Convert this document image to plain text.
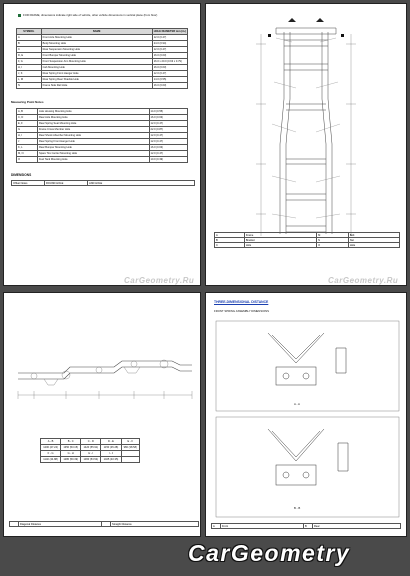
FOR FRAME, dimensions indicate right side of vehicle, other vehicle dimensions in vertical plane (from floor)
SYMBOL	NAME	HOLE DIAMETER mm (in.)
A	Front Axle Mounting Hole	12.0 (0.47)
B	Body Mounting Hole	24.0 (0.94)
C	Rear Suspension Mounting Hole	12.0 (0.47)
D, E	Front Bumper Mounting Hole	16.0 (0.63)
F, G	Front Suspension Arm Mounting Hole	16.0 x 20.0 (0.63 x 0.79)
H, I	Cab Mounting Hole	16.0 (0.63)
J, K	Rear Spring Front Hanger Hole	12.0 (0.47)
L, M	Rear Spring Rear Shackle Hole	14.0 (0.55)
N	Frame Side Rail Hole	16.0 (0.63)
Measuring Point Notes
A, B	Axle Housing Mounting Hole	14.0 (0.55)
C, D	Rear Axle Mounting Hole	16.0 (0.63)
E, F	Rear Spring Seat Mounting Hole	12.0 (0.47)
G	Frame Cross Member Hole	22.0 (0.87)
H, I	Rear Shock Absorber Mounting Hole	12.0 (0.47)
J	Rear Spring Front Hanger Hole	12.0 (0.47)
K, L	Rear Bumper Mounting Hole	16.0 (0.63)
M, N	Spare Tire Carrier Mounting Hole	12.0 (0.47)
O	Fuel Tank Mounting Hole	10.0 (0.39)
DIMENSIONS
Offset Notes	ROUND HOLE	AND HOLE
CarGeometry.Ru
A	Frame	M	Bolt
B	Bracket	N	Nut
C	Hole	O	Hole
CarGeometry.Ru
A - B	B - C	C - D	D - E	E - F
1200 (47.24)	1350 (53.15)	1420 (55.91)	1150 (45.28)	980 (38.58)
F - G	G - H	H - I	I - J	
1140 (44.88)	1280 (50.39)	1360 (53.54)	1025 (40.35)	
	Diagonal Distance		Straight Distance
THREE-DIMENSIONAL DISTANCE
FRONT SPRING ASSEMBLY DIMENSIONS
A - A
B - B
A	Front	B	Rear
CarGeometry
